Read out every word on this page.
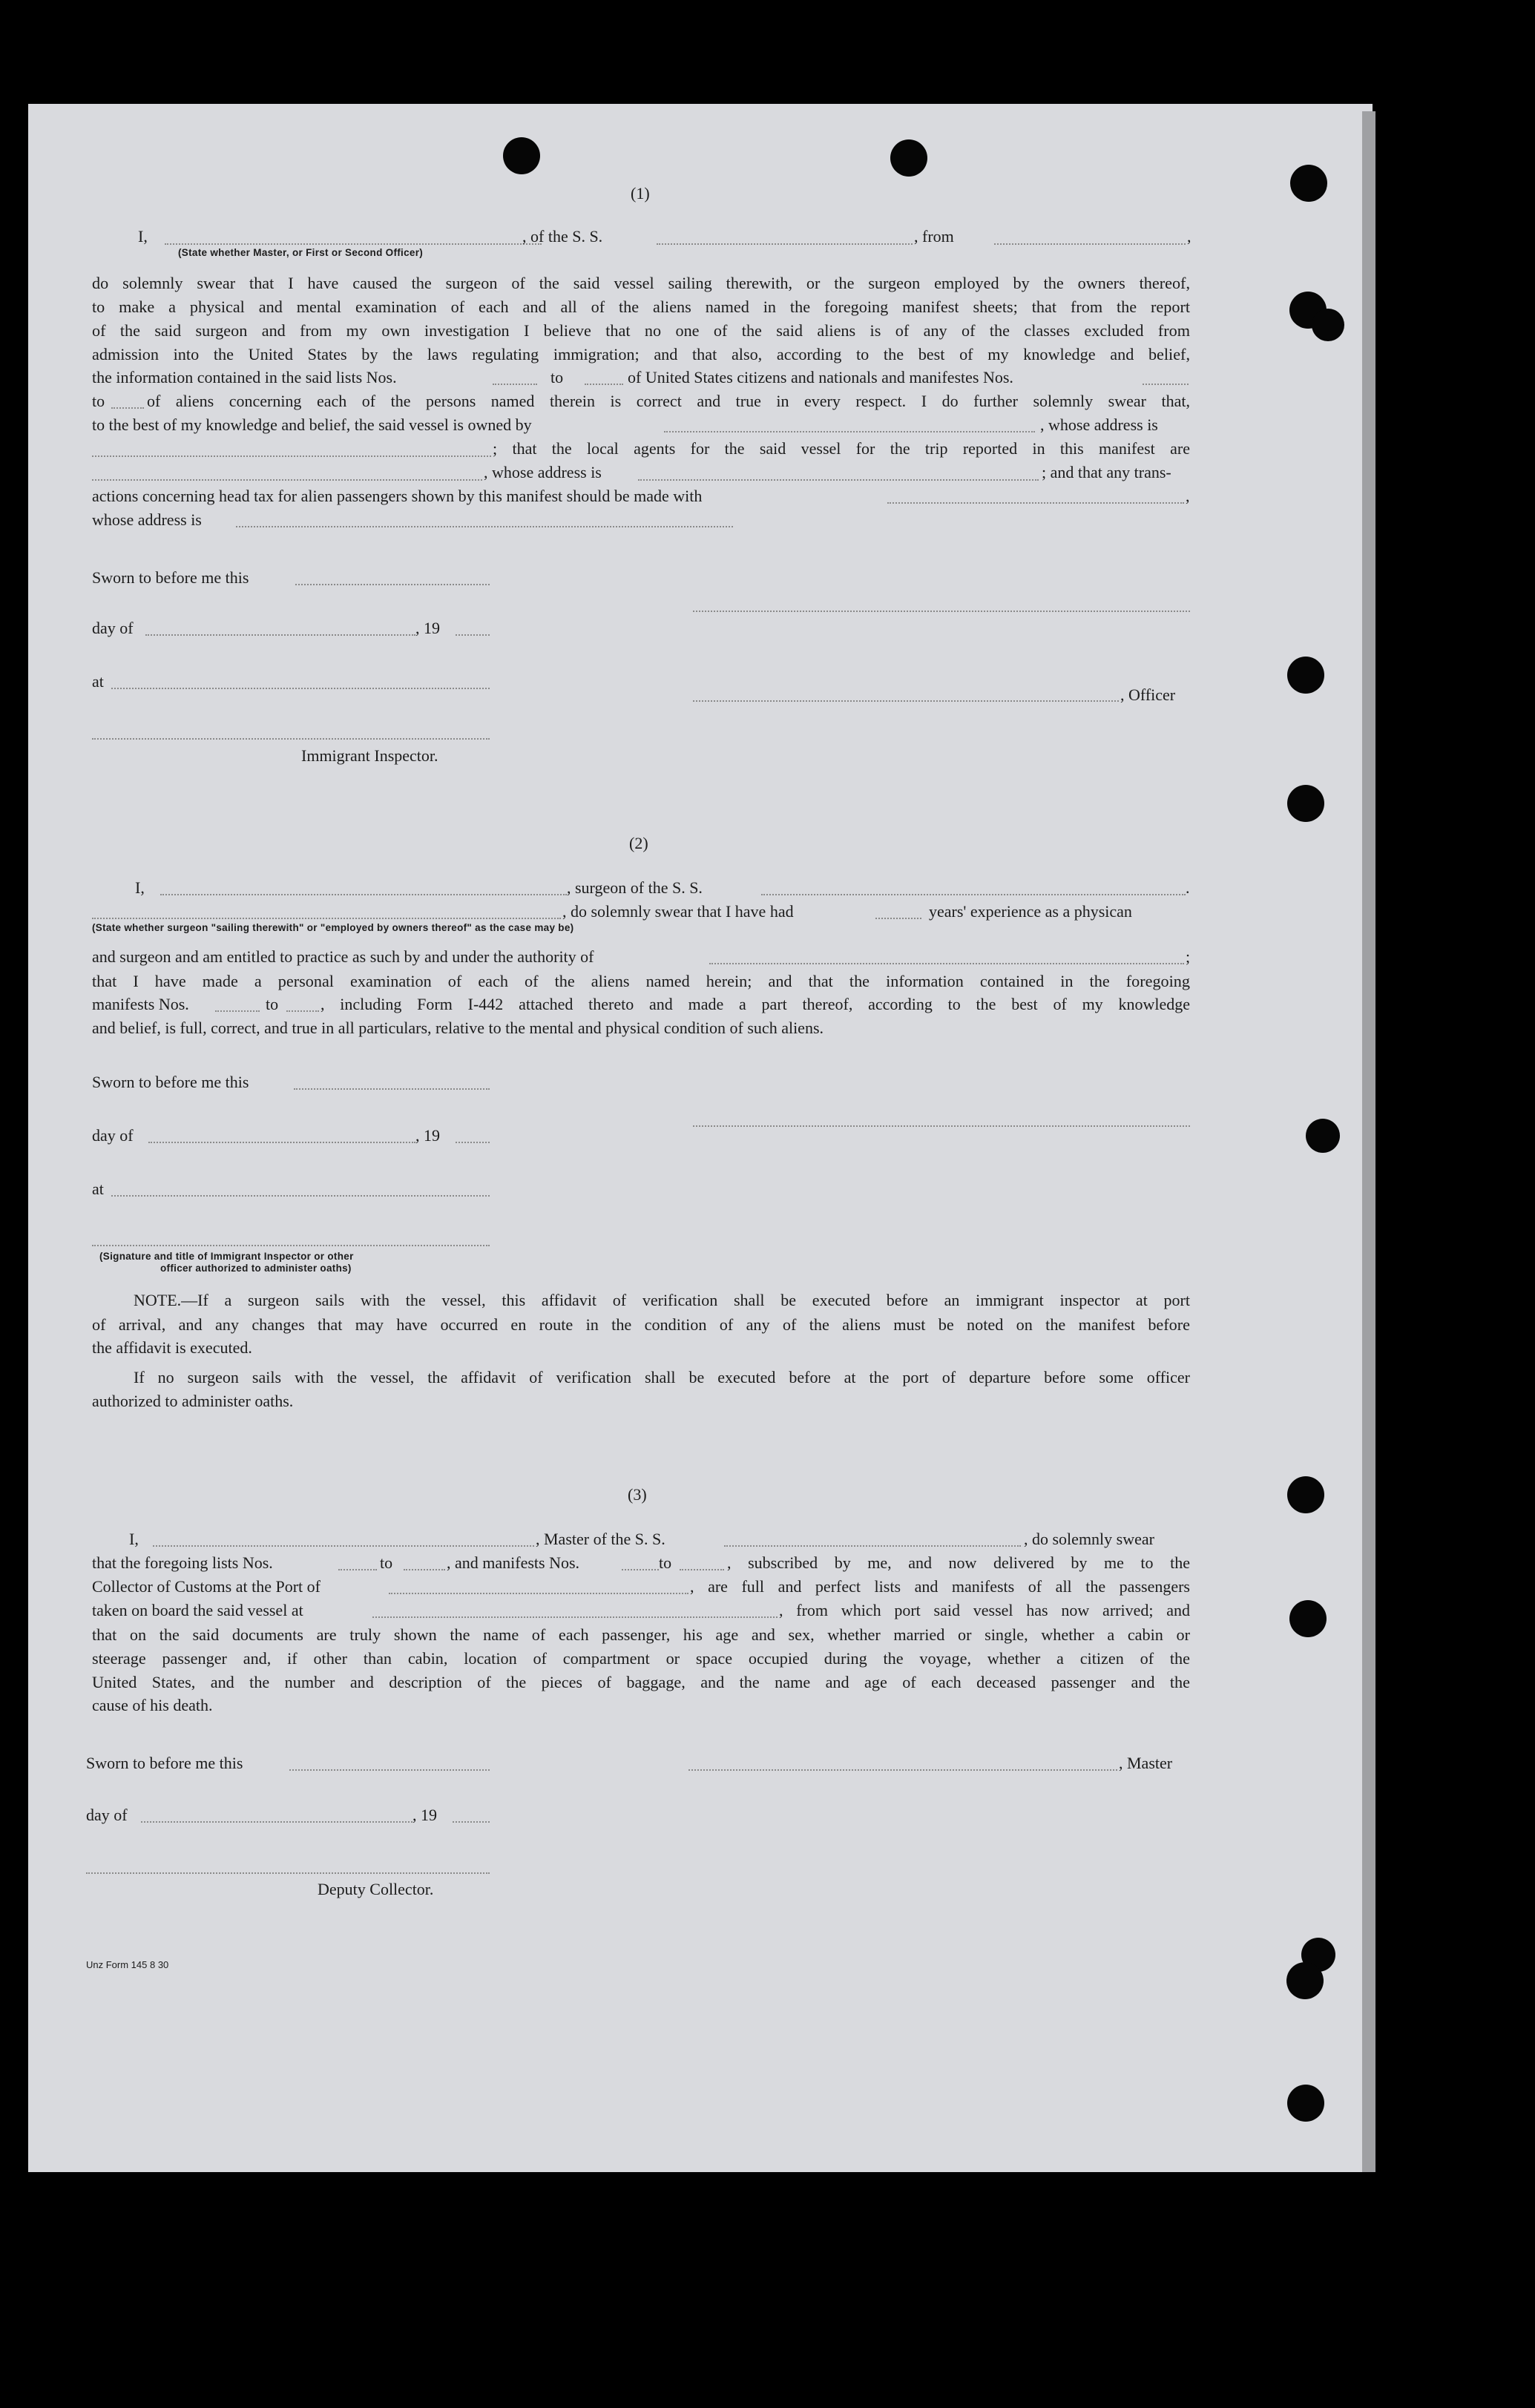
(1)
I,	, of the S. S.	, from	,
(State whether Master, or First or Second Officer)
do solemnly swear that I have caused the surgeon of the said vessel sailing therewith, or the surgeon employed by the owners thereof,
to make a physical and mental examination of each and all of the aliens named in the foregoing manifest sheets; that from the report
of the said surgeon and from my own investigation I believe that no one of the said aliens is of any of the classes excluded from
admission into the United States by the laws regulating immigration; and that also, according to the best of my knowledge and belief,
the information contained in the said lists Nos.	to	of United States citizens and nationals and manifestes Nos.
to	of aliens concerning each of the persons named therein is correct and true in every respect. I do further solemnly swear that,
to the best of my knowledge and belief, the said vessel is owned by	, whose address is
; that the local agents for the said vessel for the trip reported in this manifest are
, whose address is	; and that any trans-
actions concerning head tax for alien passengers shown by this manifest should be made with	,
whose address is
Sworn to before me this
day of	, 19
at
, Officer
Immigrant Inspector.
(2)
I,	, surgeon of the S. S.	.
, do solemnly swear that I have had	years' experience as a physican
(State whether surgeon "sailing therewith" or "employed by owners thereof" as the case may be)
and surgeon and am entitled to practice as such by and under the authority of	;
that I have made a personal examination of each of the aliens named herein; and that the information contained in the foregoing
manifests Nos.	to	, including Form I-442 attached thereto and made a part thereof, according to the best of my knowledge
and belief, is full, correct, and true in all particulars, relative to the mental and physical condition of such aliens.
Sworn to before me this
day of	, 19
at
(Signature and title of Immigrant Inspector or other
officer authorized to administer oaths)
NOTE.—If a surgeon sails with the vessel, this affidavit of verification shall be executed before an immigrant inspector at port
of arrival, and any changes that may have occurred en route in the condition of any of the aliens must be noted on the manifest before
the affidavit is executed.
If no surgeon sails with the vessel, the affidavit of verification shall be executed before at the port of departure before some officer
authorized to administer oaths.
(3)
I,	, Master of the S. S.	, do solemnly swear
that the foregoing lists Nos.	to	, and manifests Nos.	to	, subscribed by me, and now delivered by me to the
Collector of Customs at the Port of	, are full and perfect lists and manifests of all the passengers
taken on board the said vessel at	, from which port said vessel has now arrived; and
that on the said documents are truly shown the name of each passenger, his age and sex, whether married or single, whether a cabin or
steerage passenger and, if other than cabin, location of compartment or space occupied during the voyage, whether a citizen of the
United States, and the number and description of the pieces of baggage, and the name and age of each deceased passenger and the
cause of his death.
Sworn to before me this	, Master
day of	, 19
Deputy Collector.
Unz Form 145 8 30
